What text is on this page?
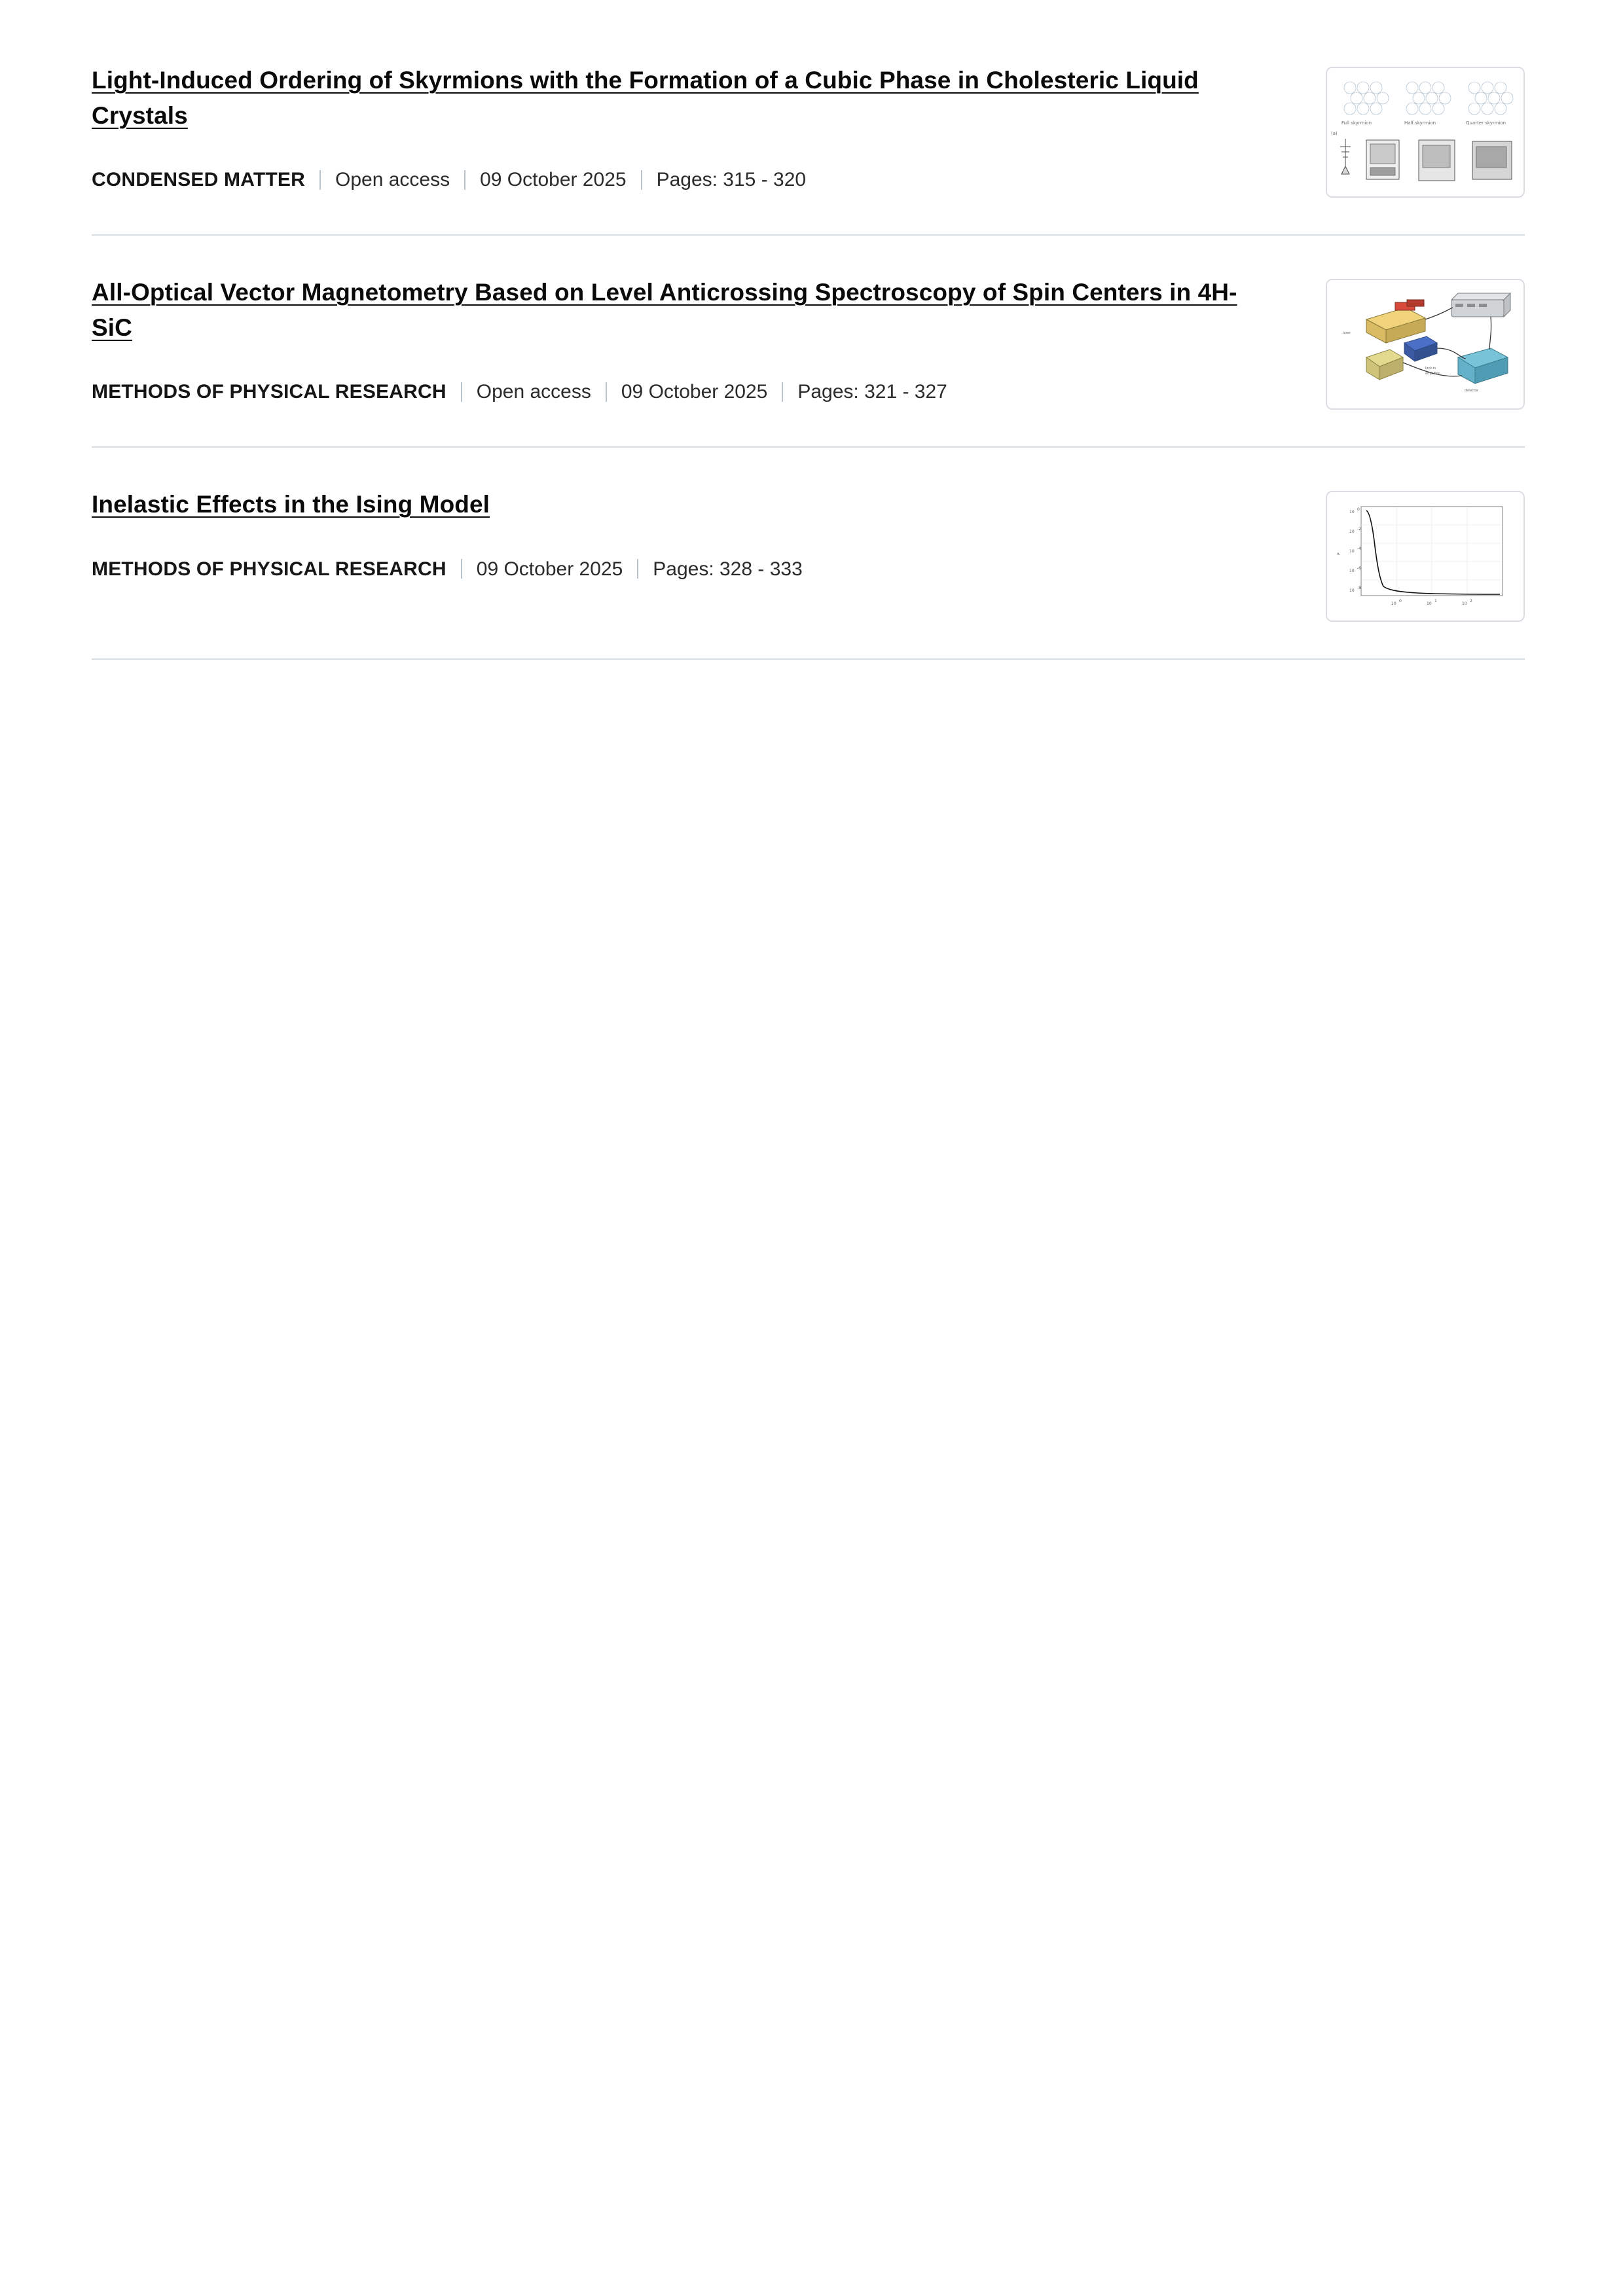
Light-Induced Ordering of Skyrmions with the Formation of a Cubic Phase in Cholesteric Liquid Crystals
CONDENSED MATTER Open access 09 October 2025 Pages: 315 - 320
Full skyrmion	Half skyrmion	Quarter skyrmion
(a)
All-Optical Vector Magnetometry Based on Level Anticrossing Spectroscopy of Spin Centers in 4H-SiC
METHODS OF PHYSICAL RESEARCH Open access 09 October 2025 Pages: 321 - 327
laser
lock-in
amplifier
detector
Inelastic Effects in the Ising Model
METHODS OF PHYSICAL RESEARCH 09 October 2025 Pages: 328 - 333
10
0
10
-2
10
-4
10
-6
10
-8
10
0
10
1
10
2
P
